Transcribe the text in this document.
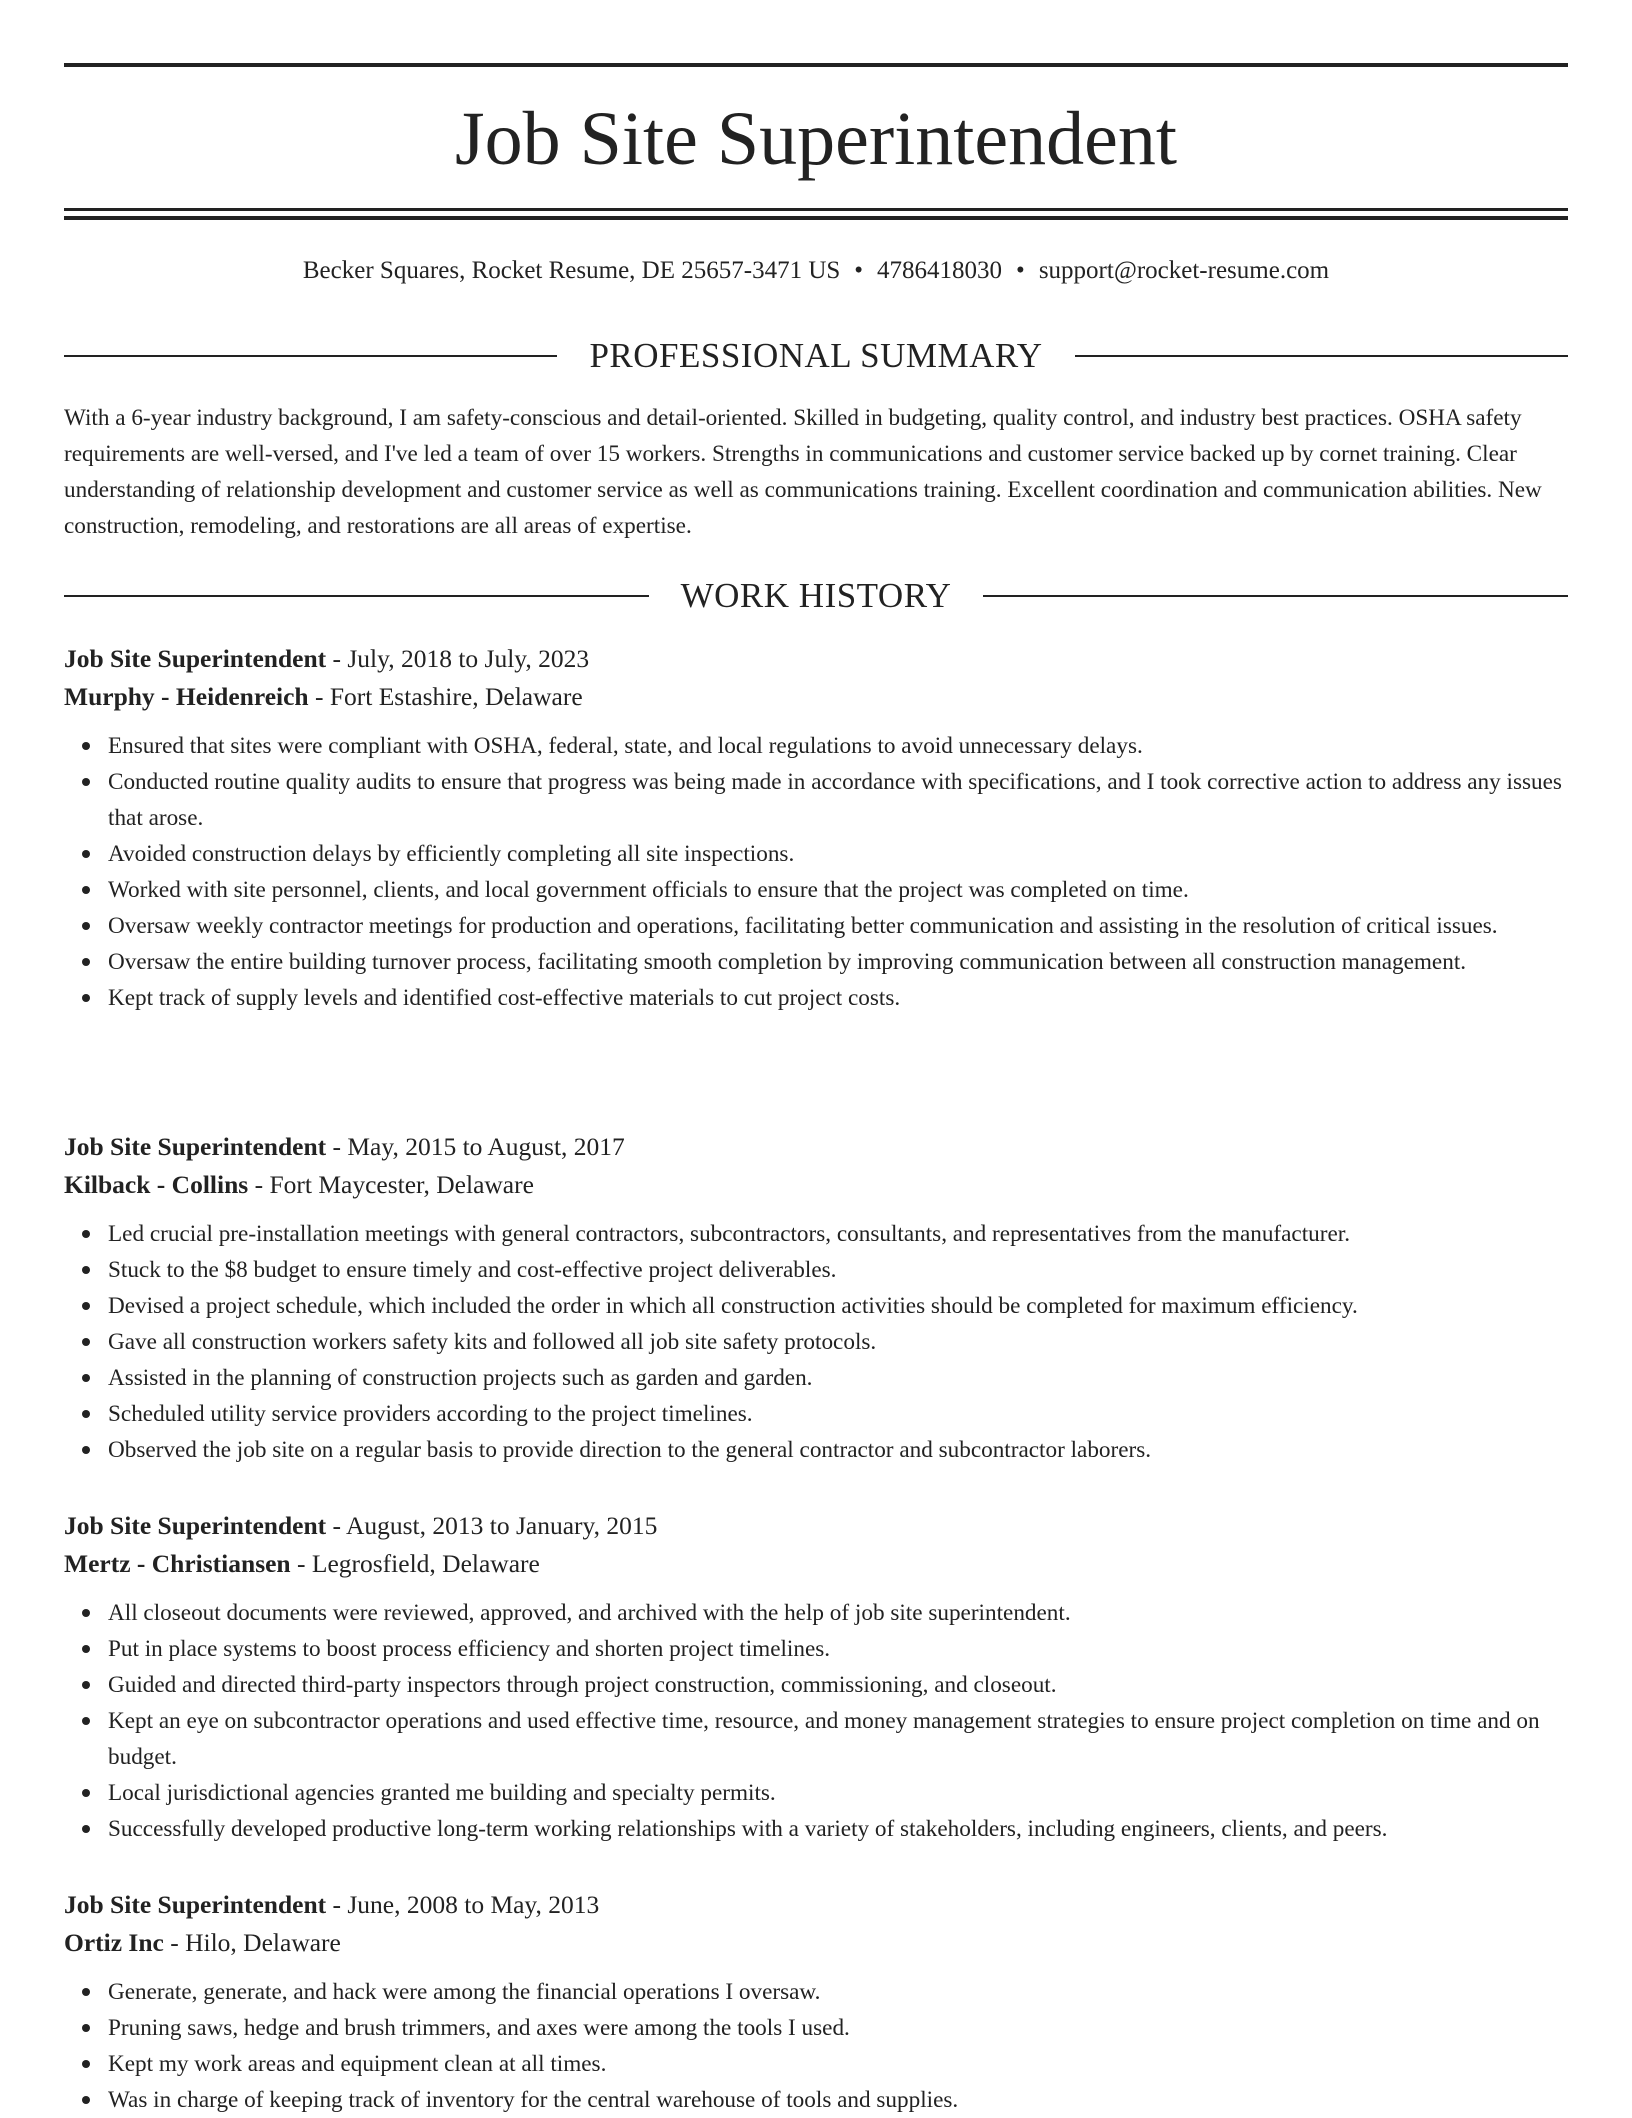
Job Site Superintendent
Becker Squares, Rocket Resume, DE 25657-3471 US • 4786418030 • support@rocket-resume.com
PROFESSIONAL SUMMARY

With a 6-year industry background, I am safety-conscious and detail-oriented. Skilled in budgeting, quality control, and industry best practices. OSHA safety requirements are well-versed, and I've led a team of over 15 workers. Strengths in communications and customer service backed up by cornet training. Clear understanding of relationship development and customer service as well as communications training. Excellent coordination and communication abilities. New construction, remodeling, and restorations are all areas of expertise.

WORK HISTORY

Job Site Superintendent - July, 2018 to July, 2023

Murphy - Heidenreich - Fort Estashire, Delaware

Ensured that sites were compliant with OSHA, federal, state, and local regulations to avoid unnecessary delays.
Conducted routine quality audits to ensure that progress was being made in accordance with specifications, and I took corrective action to address any issues that arose.
Avoided construction delays by efficiently completing all site inspections.
Worked with site personnel, clients, and local government officials to ensure that the project was completed on time.
Oversaw weekly contractor meetings for production and operations, facilitating better communication and assisting in the resolution of critical issues.
Oversaw the entire building turnover process, facilitating smooth completion by improving communication between all construction management.
Kept track of supply levels and identified cost-effective materials to cut project costs.

Job Site Superintendent - May, 2015 to August, 2017

Kilback - Collins - Fort Maycester, Delaware

Led crucial pre-installation meetings with general contractors, subcontractors, consultants, and representatives from the manufacturer.
Stuck to the $8 budget to ensure timely and cost-effective project deliverables.
Devised a project schedule, which included the order in which all construction activities should be completed for maximum efficiency.
Gave all construction workers safety kits and followed all job site safety protocols.
Assisted in the planning of construction projects such as garden and garden.
Scheduled utility service providers according to the project timelines.
Observed the job site on a regular basis to provide direction to the general contractor and subcontractor laborers.

Job Site Superintendent - August, 2013 to January, 2015

Mertz - Christiansen - Legrosfield, Delaware

All closeout documents were reviewed, approved, and archived with the help of job site superintendent.
Put in place systems to boost process efficiency and shorten project timelines.
Guided and directed third-party inspectors through project construction, commissioning, and closeout.
Kept an eye on subcontractor operations and used effective time, resource, and money management strategies to ensure project completion on time and on budget.
Local jurisdictional agencies granted me building and specialty permits.
Successfully developed productive long-term working relationships with a variety of stakeholders, including engineers, clients, and peers.

Job Site Superintendent - June, 2008 to May, 2013

Ortiz Inc - Hilo, Delaware

Generate, generate, and hack were among the financial operations I oversaw.
Pruning saws, hedge and brush trimmers, and axes were among the tools I used.
Kept my work areas and equipment clean at all times.
Was in charge of keeping track of inventory for the central warehouse of tools and supplies.
